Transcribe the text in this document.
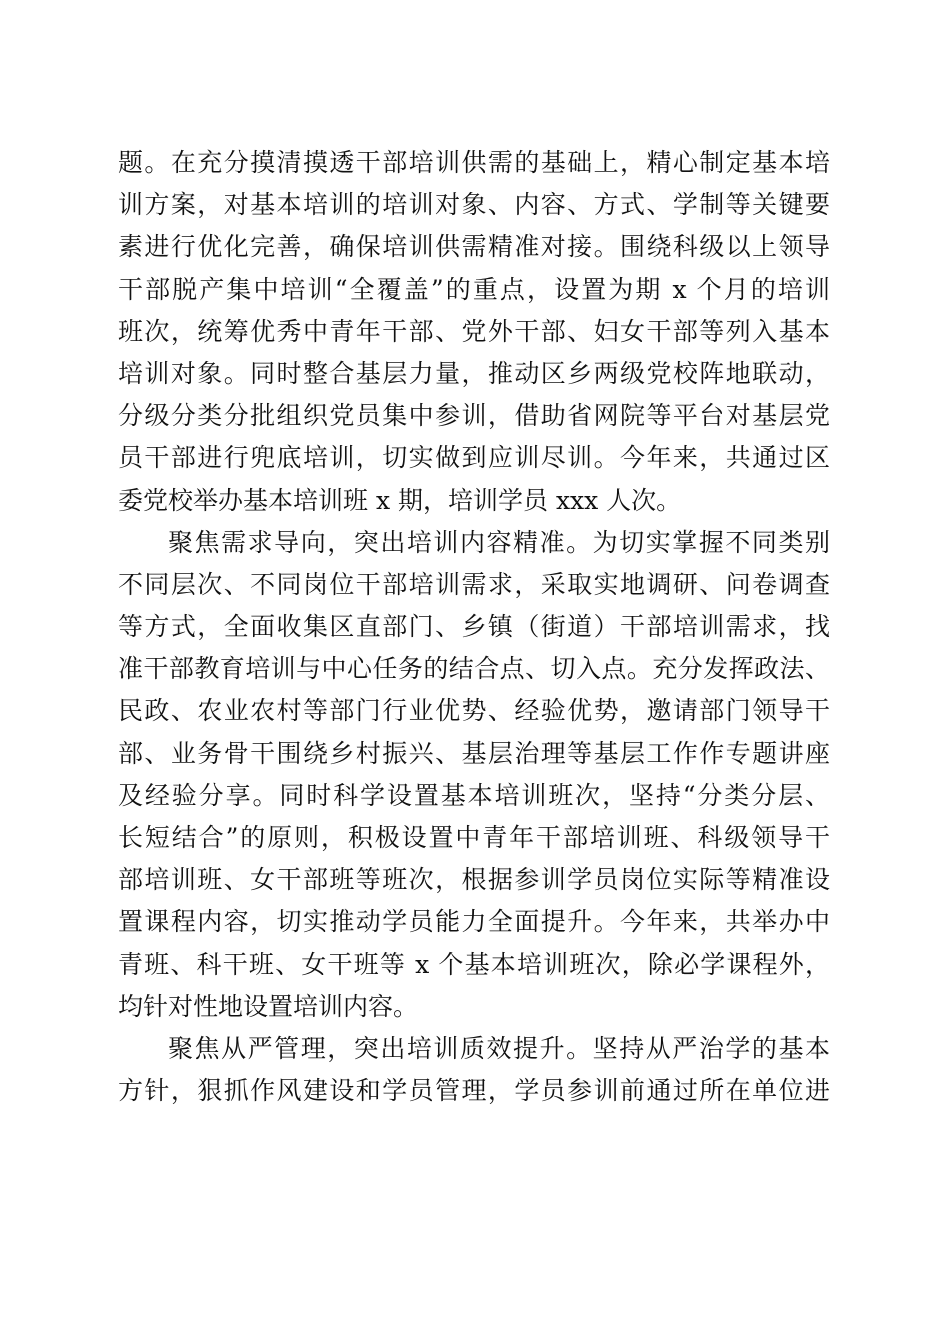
题。在充分摸清摸透干部培训供需的基础上，精心制定基本培
训方案，对基本培训的培训对象、内容、方式、学制等关键要
素进行优化完善，确保培训供需精准对接。围绕科级以上领导
干部脱产集中培训“全覆盖”的重点，设置为期 x 个月的培训
班次，统筹优秀中青年干部、党外干部、妇女干部等列入基本
培训对象。同时整合基层力量，推动区乡两级党校阵地联动，
分级分类分批组织党员集中参训，借助省网院等平台对基层党
员干部进行兜底培训，切实做到应训尽训。今年来，共通过区
委党校举办基本培训班 x 期，培训学员 xxx 人次。
聚焦需求导向，突出培训内容精准。为切实掌握不同类别
不同层次、不同岗位干部培训需求，采取实地调研、问卷调查
等方式，全面收集区直部门、乡镇（街道）干部培训需求，找
准干部教育培训与中心任务的结合点、切入点。充分发挥政法、
民政、农业农村等部门行业优势、经验优势，邀请部门领导干
部、业务骨干围绕乡村振兴、基层治理等基层工作作专题讲座
及经验分享。同时科学设置基本培训班次，坚持“分类分层、
长短结合”的原则，积极设置中青年干部培训班、科级领导干
部培训班、女干部班等班次，根据参训学员岗位实际等精准设
置课程内容，切实推动学员能力全面提升。今年来，共举办中
青班、科干班、女干班等 x 个基本培训班次，除必学课程外，
均针对性地设置培训内容。
聚焦从严管理，突出培训质效提升。坚持从严治学的基本
方针，狠抓作风建设和学员管理，学员参训前通过所在单位进
